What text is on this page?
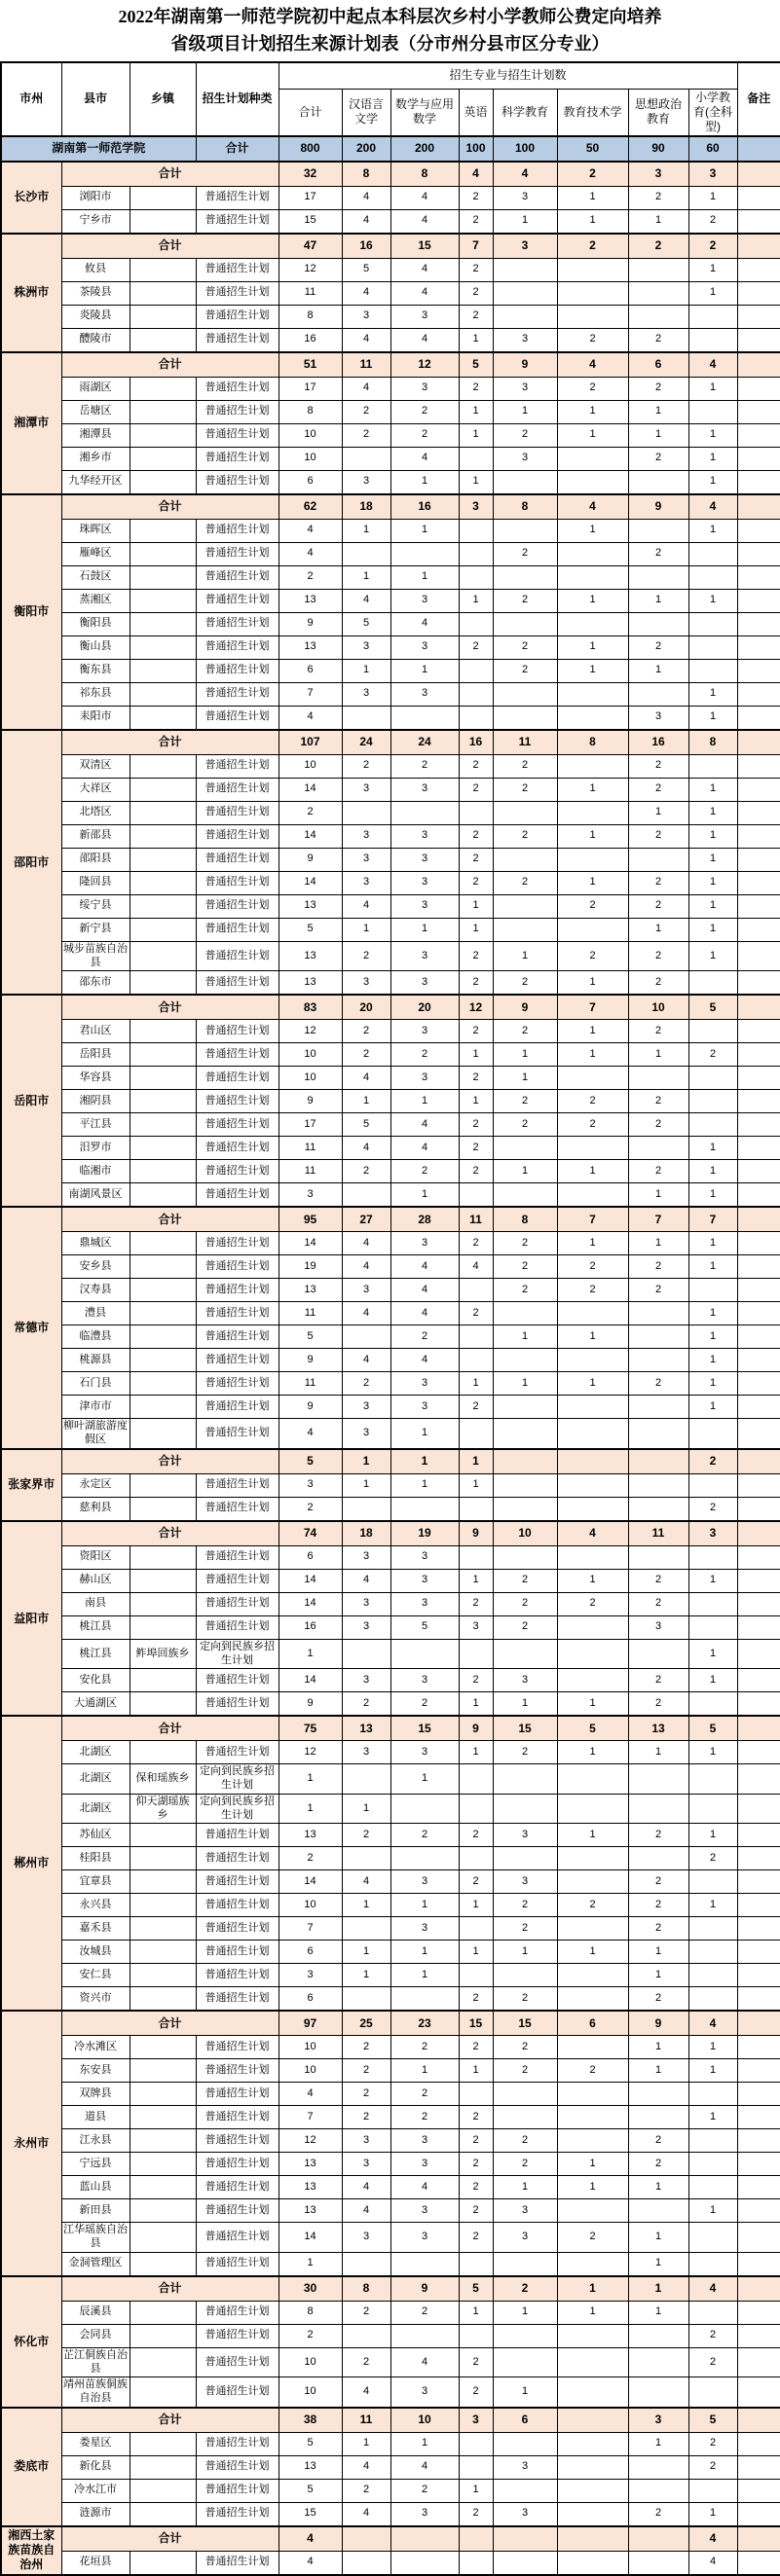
2022年湖南第一师范学院初中起点本科层次乡村小学教师公费定向培养
省级项目计划招生来源计划表（分市州分县市区分专业）
市州	县市	乡镇	招生计划种类	招生专业与招生计划数								备注
				合计	汉语言文学	数学与应用数学	英语	科学教育	教育技术学	思想政治教育	小学教育(全科型)	
湖南第一师范学院			合计	800	200	200	100	100	50	90	60	
长沙市	合计			32	8	8	4	4	2	3	3	
	浏阳市		普通招生计划	17	4	4	2	3	1	2	1	
	宁乡市		普通招生计划	15	4	4	2	1	1	1	2	
株洲市	合计			47	16	15	7	3	2	2	2	
	攸县		普通招生计划	12	5	4	2				1	
	茶陵县		普通招生计划	11	4	4	2				1	
	炎陵县		普通招生计划	8	3	3	2					
	醴陵市		普通招生计划	16	4	4	1	3	2	2		
湘潭市	合计			51	11	12	5	9	4	6	4	
	雨湖区		普通招生计划	17	4	3	2	3	2	2	1	
	岳塘区		普通招生计划	8	2	2	1	1	1	1		
	湘潭县		普通招生计划	10	2	2	1	2	1	1	1	
	湘乡市		普通招生计划	10		4		3		2	1	
	九华经开区		普通招生计划	6	3	1	1				1	
衡阳市	合计			62	18	16	3	8	4	9	4	
	珠晖区		普通招生计划	4	1	1			1		1	
	雁峰区		普通招生计划	4				2		2		
	石鼓区		普通招生计划	2	1	1						
	蒸湘区		普通招生计划	13	4	3	1	2	1	1	1	
	衡阳县		普通招生计划	9	5	4						
	衡山县		普通招生计划	13	3	3	2	2	1	2		
	衡东县		普通招生计划	6	1	1		2	1	1		
	祁东县		普通招生计划	7	3	3					1	
	耒阳市		普通招生计划	4						3	1	
邵阳市	合计			107	24	24	16	11	8	16	8	
	双清区		普通招生计划	10	2	2	2	2		2		
	大祥区		普通招生计划	14	3	3	2	2	1	2	1	
	北塔区		普通招生计划	2						1	1	
	新邵县		普通招生计划	14	3	3	2	2	1	2	1	
	邵阳县		普通招生计划	9	3	3	2				1	
	隆回县		普通招生计划	14	3	3	2	2	1	2	1	
	绥宁县		普通招生计划	13	4	3	1		2	2	1	
	新宁县		普通招生计划	5	1	1	1			1	1	
	城步苗族自治县		普通招生计划	13	2	3	2	1	2	2	1	
	邵东市		普通招生计划	13	3	3	2	2	1	2		
岳阳市	合计			83	20	20	12	9	7	10	5	
	君山区		普通招生计划	12	2	3	2	2	1	2		
	岳阳县		普通招生计划	10	2	2	1	1	1	1	2	
	华容县		普通招生计划	10	4	3	2	1				
	湘阴县		普通招生计划	9	1	1	1	2	2	2		
	平江县		普通招生计划	17	5	4	2	2	2	2		
	汨罗市		普通招生计划	11	4	4	2				1	
	临湘市		普通招生计划	11	2	2	2	1	1	2	1	
	南湖风景区		普通招生计划	3		1				1	1	
常德市	合计			95	27	28	11	8	7	7	7	
	鼎城区		普通招生计划	14	4	3	2	2	1	1	1	
	安乡县		普通招生计划	19	4	4	4	2	2	2	1	
	汉寿县		普通招生计划	13	3	4		2	2	2		
	澧县		普通招生计划	11	4	4	2				1	
	临澧县		普通招生计划	5		2		1	1		1	
	桃源县		普通招生计划	9	4	4					1	
	石门县		普通招生计划	11	2	3	1	1	1	2	1	
	津市市		普通招生计划	9	3	3	2				1	
	柳叶湖旅游度假区		普通招生计划	4	3	1						
张家界市	合计			5	1	1	1				2	
	永定区		普通招生计划	3	1	1	1					
	慈利县		普通招生计划	2							2	
益阳市	合计			74	18	19	9	10	4	11	3	
	资阳区		普通招生计划	6	3	3						
	赫山区		普通招生计划	14	4	3	1	2	1	2	1	
	南县		普通招生计划	14	3	3	2	2	2	2		
	桃江县		普通招生计划	16	3	5	3	2		3		
	桃江县	鲊埠回族乡	定向到民族乡招生计划	1							1	
	安化县		普通招生计划	14	3	3	2	3		2	1	
	大通湖区		普通招生计划	9	2	2	1	1	1	2		
郴州市	合计			75	13	15	9	15	5	13	5	
	北湖区		普通招生计划	12	3	3	1	2	1	1	1	
	北湖区	保和瑶族乡	定向到民族乡招生计划	1		1						
	北湖区	仰天湖瑶族乡	定向到民族乡招生计划	1	1							
	苏仙区		普通招生计划	13	2	2	2	3	1	2	1	
	桂阳县		普通招生计划	2							2	
	宜章县		普通招生计划	14	4	3	2	3		2		
	永兴县		普通招生计划	10	1	1	1	2	2	2	1	
	嘉禾县		普通招生计划	7		3		2		2		
	汝城县		普通招生计划	6	1	1	1	1	1	1		
	安仁县		普通招生计划	3	1	1				1		
	资兴市		普通招生计划	6			2	2		2		
永州市	合计			97	25	23	15	15	6	9	4	
	冷水滩区		普通招生计划	10	2	2	2	2		1	1	
	东安县		普通招生计划	10	2	1	1	2	2	1	1	
	双牌县		普通招生计划	4	2	2						
	道县		普通招生计划	7	2	2	2				1	
	江永县		普通招生计划	12	3	3	2	2		2		
	宁远县		普通招生计划	13	3	3	2	2	1	2		
	蓝山县		普通招生计划	13	4	4	2	1	1	1		
	新田县		普通招生计划	13	4	3	2	3			1	
	江华瑶族自治县		普通招生计划	14	3	3	2	3	2	1		
	金洞管理区		普通招生计划	1						1		
怀化市	合计			30	8	9	5	2	1	1	4	
	辰溪县		普通招生计划	8	2	2	1	1	1	1		
	会同县		普通招生计划	2							2	
	芷江侗族自治县		普通招生计划	10	2	4	2				2	
	靖州苗族侗族自治县		普通招生计划	10	4	3	2	1				
娄底市	合计			38	11	10	3	6		3	5	
	娄星区		普通招生计划	5	1	1				1	2	
	新化县		普通招生计划	13	4	4		3			2	
	冷水江市		普通招生计划	5	2	2	1					
	涟源市		普通招生计划	15	4	3	2	3		2	1	
湘西土家族苗族自治州	合计			4							4	
	花垣县		普通招生计划	4							4	
